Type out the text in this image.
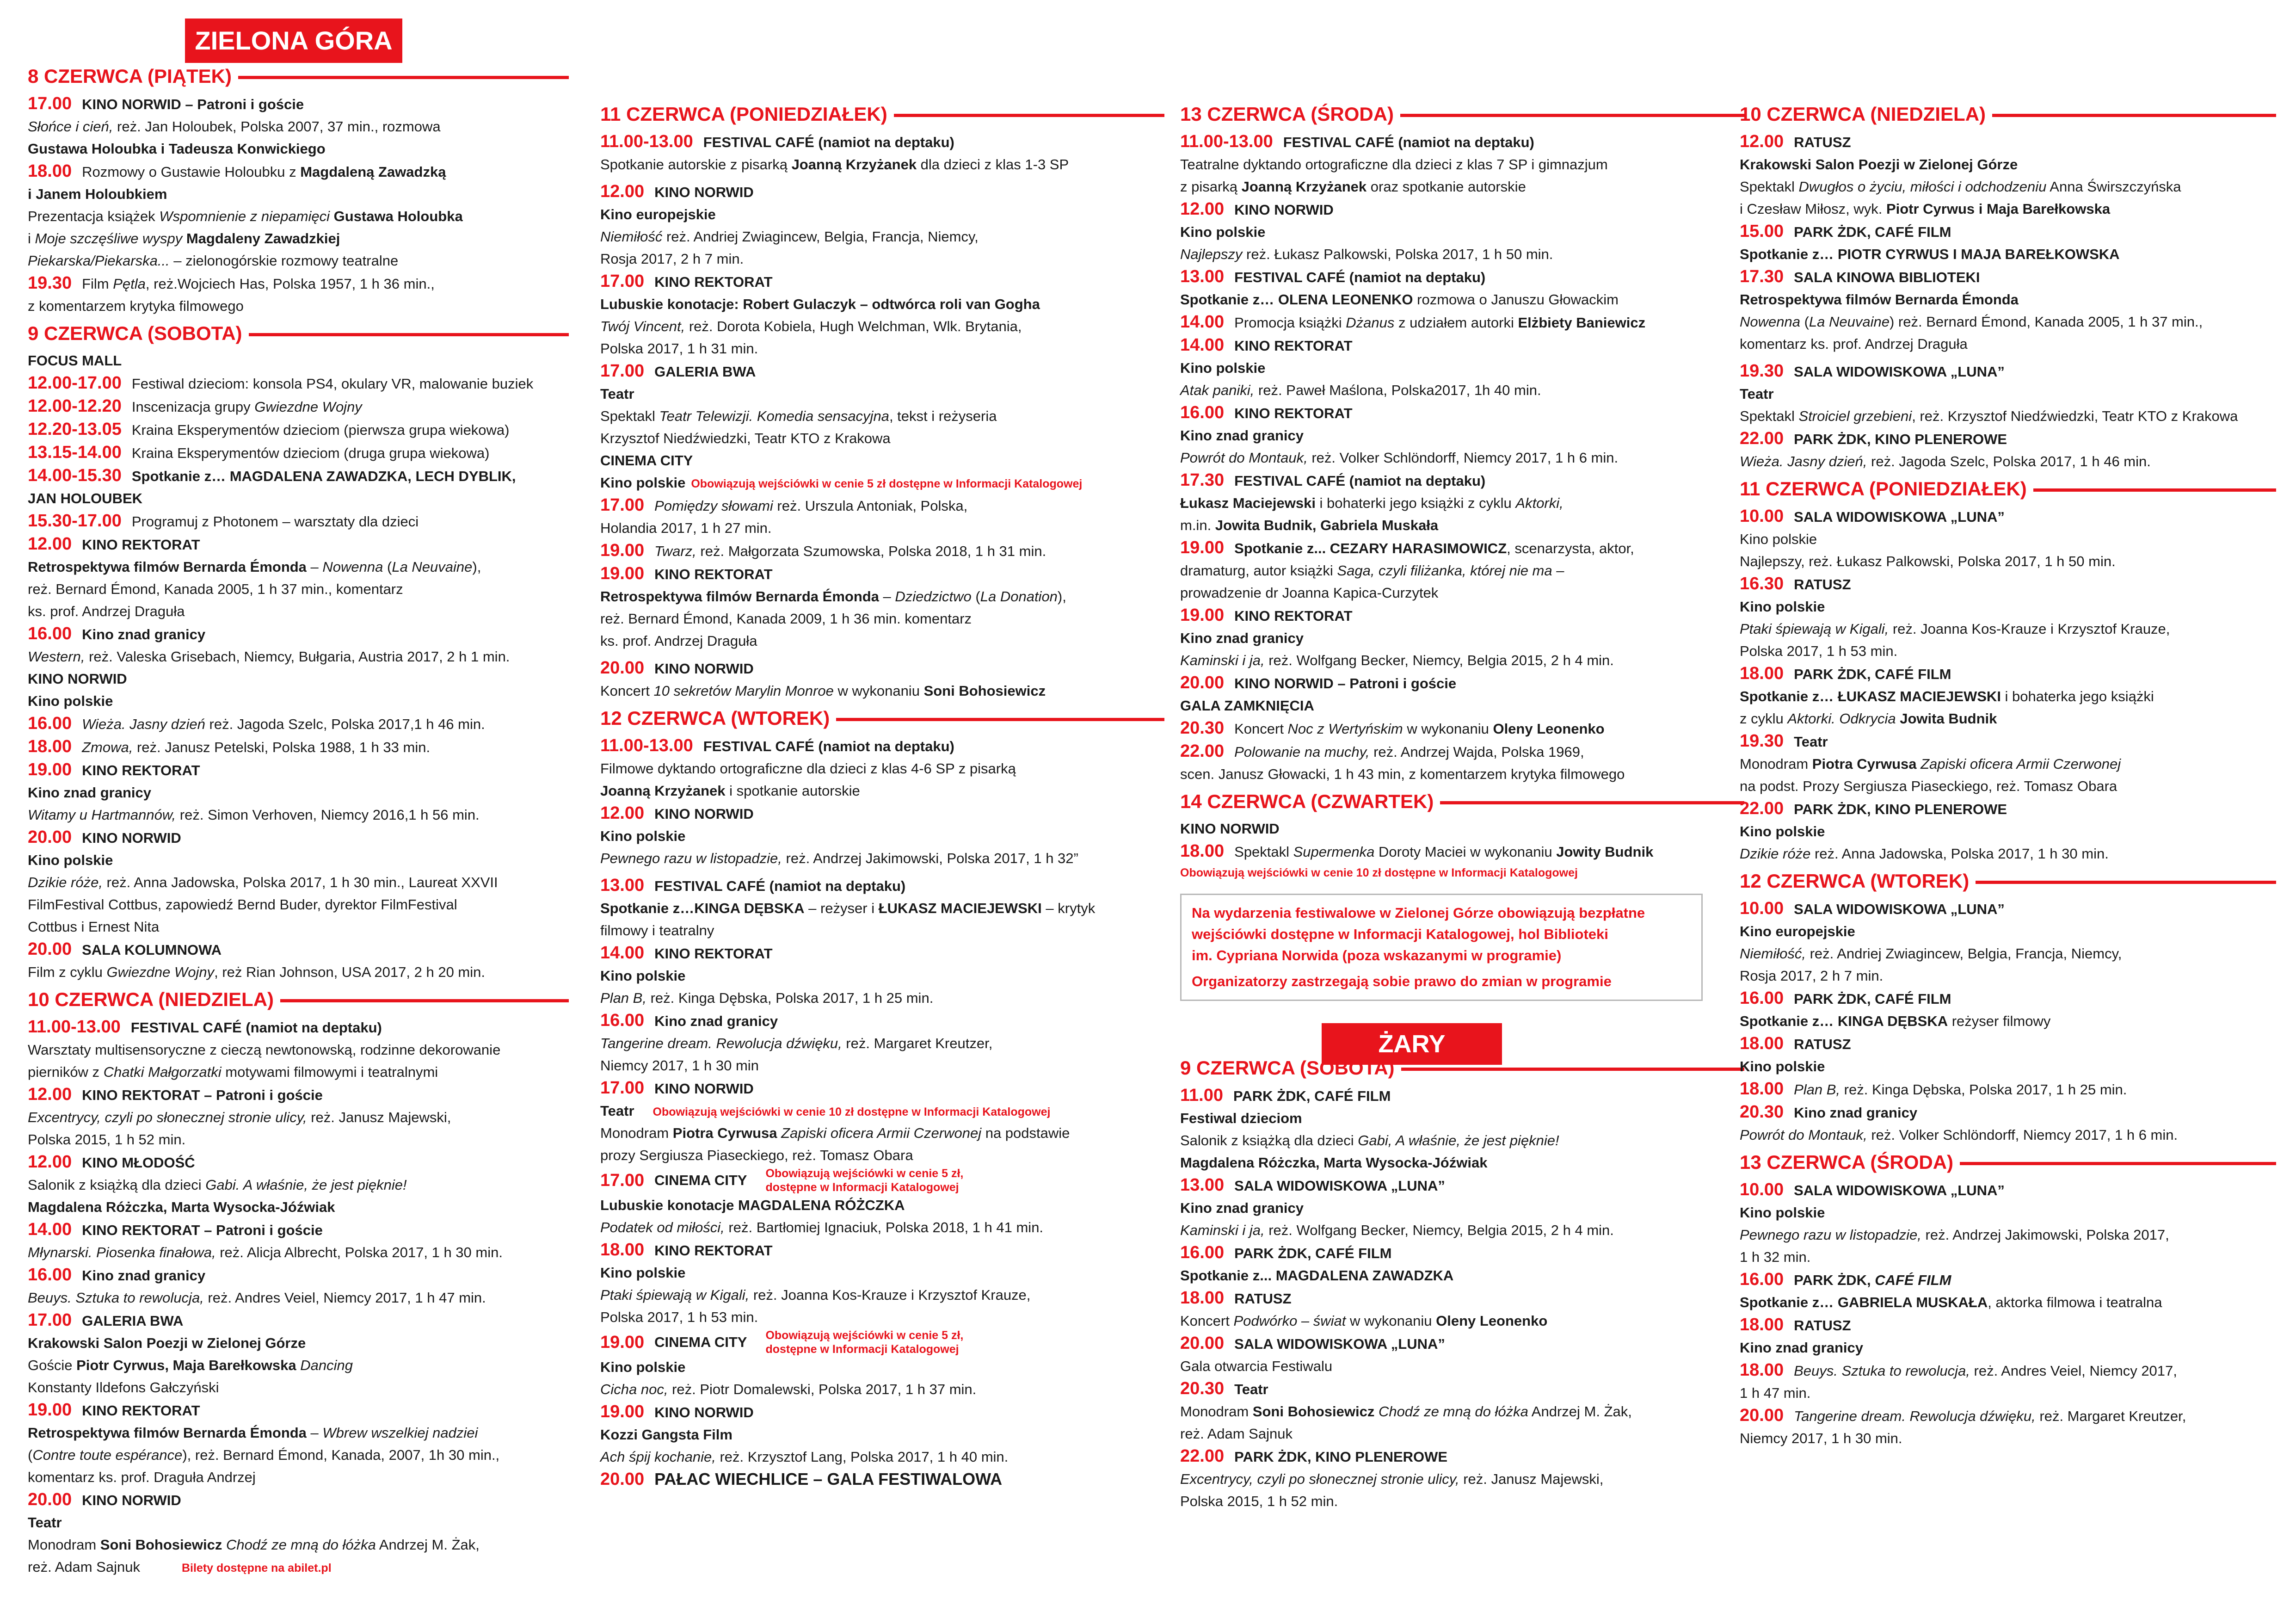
ZIELONA GÓRA
ŻARY
8 CZERWCA (PIĄTEK)
17.00 KINO NORWID – Patroni i goście
Słońce i cień, reż. Jan Holoubek, Polska 2007, 37 min., rozmowa
Gustawa Holoubka i Tadeusza Konwickiego
18.00 Rozmowy o Gustawie Holoubku z Magdaleną Zawadzką
i Janem Holoubkiem
Prezentacja książek Wspomnienie z niepamięci Gustawa Holoubka
i Moje szczęśliwe wyspy Magdaleny Zawadzkiej
Piekarska/Piekarska... – zielonogórskie rozmowy teatralne
19.30 Film Pętla, reż.Wojciech Has, Polska 1957, 1 h 36 min.,
z komentarzem krytyka filmowego
9 CZERWCA (SOBOTA)
FOCUS MALL
12.00-17.00 Festiwal dzieciom: konsola PS4, okulary VR, malowanie buziek
12.00-12.20 Inscenizacja grupy Gwiezdne Wojny
12.20-13.05 Kraina Eksperymentów dzieciom (pierwsza grupa wiekowa)
13.15-14.00 Kraina Eksperymentów dzieciom (druga grupa wiekowa)
14.00-15.30 Spotkanie z… MAGDALENA ZAWADZKA, LECH DYBLIK,
JAN HOLOUBEK
15.30-17.00 Programuj z Photonem – warsztaty dla dzieci
12.00 KINO REKTORAT
Retrospektywa filmów Bernarda Émonda – Nowenna (La Neuvaine),
reż. Bernard Émond, Kanada 2005, 1 h 37 min., komentarz
ks. prof. Andrzej Draguła
16.00 Kino znad granicy
Western, reż. Valeska Grisebach, Niemcy, Bułgaria, Austria 2017, 2 h 1 min.
KINO NORWID
Kino polskie
16.00 Wieża. Jasny dzień reż. Jagoda Szelc, Polska 2017,1 h 46 min.
18.00 Zmowa, reż. Janusz Petelski, Polska 1988, 1 h 33 min.
19.00 KINO REKTORAT
Kino znad granicy
Witamy u Hartmannów, reż. Simon Verhoven, Niemcy 2016,1 h 56 min.
20.00 KINO NORWID
Kino polskie
Dzikie róże, reż. Anna Jadowska, Polska 2017, 1 h 30 min., Laureat XXVII
FilmFestival Cottbus, zapowiedź Bernd Buder, dyrektor FilmFestival
Cottbus i Ernest Nita
20.00 SALA KOLUMNOWA
Film z cyklu Gwiezdne Wojny, reż Rian Johnson, USA 2017, 2 h 20 min.
10 CZERWCA (NIEDZIELA)
11.00-13.00 FESTIVAL CAFÉ (namiot na deptaku)
Warsztaty multisensoryczne z cieczą newtonowską, rodzinne dekorowanie
pierników z Chatki Małgorzatki motywami filmowymi i teatralnymi
12.00 KINO REKTORAT – Patroni i goście
Excentrycy, czyli po słonecznej stronie ulicy, reż. Janusz Majewski,
Polska 2015, 1 h 52 min.
12.00 KINO MŁODOŚĆ
Salonik z książką dla dzieci Gabi. A właśnie, że jest pięknie!
Magdalena Różczka, Marta Wysocka-Jóźwiak
14.00 KINO REKTORAT – Patroni i goście
Młynarski. Piosenka finałowa, reż. Alicja Albrecht, Polska 2017, 1 h 30 min.
16.00 Kino znad granicy
Beuys. Sztuka to rewolucja, reż. Andres Veiel, Niemcy 2017, 1 h 47 min.
17.00 GALERIA BWA
Krakowski Salon Poezji w Zielonej Górze
Goście Piotr Cyrwus, Maja Barełkowska Dancing
Konstanty Ildefons Gałczyński
19.00 KINO REKTORAT
Retrospektywa filmów Bernarda Émonda – Wbrew wszelkiej nadziei
(Contre toute espérance), reż. Bernard Émond, Kanada, 2007, 1h 30 min.,
komentarz ks. prof. Draguła Andrzej
20.00 KINO NORWID
Teatr
Monodram Soni Bohosiewicz Chodź ze mną do łóżka Andrzej M. Żak,
reż. Adam Sajnuk	Bilety dostępne na abilet.pl
11 CZERWCA (PONIEDZIAŁEK)
11.00-13.00 FESTIVAL CAFÉ (namiot na deptaku)
Spotkanie autorskie z pisarką Joanną Krzyżanek dla dzieci z klas 1-3 SP
12.00 KINO NORWID
Kino europejskie
Niemiłość reż. Andriej Zwiagincew, Belgia, Francja, Niemcy,
Rosja 2017, 2 h 7 min.
17.00 KINO REKTORAT
Lubuskie konotacje: Robert Gulaczyk – odtwórca roli van Gogha
Twój Vincent, reż. Dorota Kobiela, Hugh Welchman, Wlk. Brytania,
Polska 2017, 1 h 31 min.
17.00 GALERIA BWA
Teatr
Spektakl Teatr Telewizji. Komedia sensacyjna, tekst i reżyseria
Krzysztof Niedźwiedzki, Teatr KTO z Krakowa
CINEMA CITY
Kino polskie Obowiązują wejściówki w cenie 5 zł dostępne w Informacji Katalogowej
17.00 Pomiędzy słowami reż. Urszula Antoniak, Polska,
Holandia 2017, 1 h 27 min.
19.00 Twarz, reż. Małgorzata Szumowska, Polska 2018, 1 h 31 min.
19.00 KINO REKTORAT
Retrospektywa filmów Bernarda Émonda – Dziedzictwo (La Donation),
reż. Bernard Émond, Kanada 2009, 1 h 36 min. komentarz
ks. prof. Andrzej Draguła
20.00 KINO NORWID
Koncert 10 sekretów Marylin Monroe w wykonaniu Soni Bohosiewicz
12 CZERWCA (WTOREK)
11.00-13.00 FESTIVAL CAFÉ (namiot na deptaku)
Filmowe dyktando ortograficzne dla dzieci z klas 4-6 SP z pisarką
Joanną Krzyżanek i spotkanie autorskie
12.00 KINO NORWID
Kino polskie
Pewnego razu w listopadzie, reż. Andrzej Jakimowski, Polska 2017, 1 h 32”
13.00 FESTIVAL CAFÉ (namiot na deptaku)
Spotkanie z…KINGA DĘBSKA – reżyser i ŁUKASZ MACIEJEWSKI – krytyk
filmowy i teatralny
14.00 KINO REKTORAT
Kino polskie
Plan B, reż. Kinga Dębska, Polska 2017, 1 h 25 min.
16.00 Kino znad granicy
Tangerine dream. Rewolucja dźwięku, reż. Margaret Kreutzer,
Niemcy 2017, 1 h 30 min
17.00 KINO NORWID
Teatr Obowiązują wejściówki w cenie 10 zł dostępne w Informacji Katalogowej
Monodram Piotra Cyrwusa Zapiski oficera Armii Czerwonej na podstawie
prozy Sergiusza Piaseckiego, reż. Tomasz Obara
17.00 CINEMA CITY Obowiązują wejściówki w cenie 5 zł,
dostępne w Informacji Katalogowej
Lubuskie konotacje MAGDALENA RÓŻCZKA
Podatek od miłości, reż. Bartłomiej Ignaciuk, Polska 2018, 1 h 41 min.
18.00 KINO REKTORAT
Kino polskie
Ptaki śpiewają w Kigali, reż. Joanna Kos-Krauze i Krzysztof Krauze,
Polska 2017, 1 h 53 min.
19.00 CINEMA CITY Obowiązują wejściówki w cenie 5 zł,
dostępne w Informacji Katalogowej
Kino polskie
Cicha noc, reż. Piotr Domalewski, Polska 2017, 1 h 37 min.
19.00 KINO NORWID
Kozzi Gangsta Film
Ach śpij kochanie, reż. Krzysztof Lang, Polska 2017, 1 h 40 min.
20.00 PAŁAC WIECHLICE – GALA FESTIWALOWA
13 CZERWCA (ŚRODA)
11.00-13.00 FESTIVAL CAFÉ (namiot na deptaku)
Teatralne dyktando ortograficzne dla dzieci z klas 7 SP i gimnazjum
z pisarką Joanną Krzyżanek oraz spotkanie autorskie
12.00 KINO NORWID
Kino polskie
Najlepszy reż. Łukasz Palkowski, Polska 2017, 1 h 50 min.
13.00 FESTIVAL CAFÉ (namiot na deptaku)
Spotkanie z… OLENA LEONENKO rozmowa o Januszu Głowackim
14.00 Promocja książki Dżanus z udziałem autorki Elżbiety Baniewicz
14.00 KINO REKTORAT
Kino polskie
Atak paniki, reż. Paweł Maślona, Polska2017, 1h 40 min.
16.00 KINO REKTORAT
Kino znad granicy
Powrót do Montauk, reż. Volker Schlöndorff, Niemcy 2017, 1 h 6 min.
17.30 FESTIVAL CAFÉ (namiot na deptaku)
Łukasz Maciejewski i bohaterki jego książki z cyklu Aktorki,
m.in. Jowita Budnik, Gabriela Muskała
19.00 Spotkanie z... CEZARY HARASIMOWICZ, scenarzysta, aktor,
dramaturg, autor książki Saga, czyli filiżanka, której nie ma –
prowadzenie dr Joanna Kapica-Curzytek
19.00 KINO REKTORAT
Kino znad granicy
Kaminski i ja, reż. Wolfgang Becker, Niemcy, Belgia 2015, 2 h 4 min.
20.00 KINO NORWID – Patroni i goście
GALA ZAMKNIĘCIA
20.30 Koncert Noc z Wertyńskim w wykonaniu Oleny Leonenko
22.00 Polowanie na muchy, reż. Andrzej Wajda, Polska 1969,
scen. Janusz Głowacki, 1 h 43 min, z komentarzem krytyka filmowego
14 CZERWCA (CZWARTEK)
KINO NORWID
18.00 Spektakl Supermenka Doroty Maciei w wykonaniu Jowity Budnik
Obowiązują wejściówki w cenie 10 zł dostępne w Informacji Katalogowej
Na wydarzenia festiwalowe w Zielonej Górze obowiązują bezpłatne
wejściówki dostępne w Informacji Katalogowej, hol Biblioteki
im. Cypriana Norwida (poza wskazanymi w programie)
Organizatorzy zastrzegają sobie prawo do zmian w programie
9 CZERWCA (SOBOTA)
11.00 PARK ŻDK, CAFÉ FILM
Festiwal dzieciom
Salonik z książką dla dzieci Gabi, A właśnie, że jest pięknie!
Magdalena Różczka, Marta Wysocka-Jóźwiak
13.00 SALA WIDOWISKOWA „LUNA”
Kino znad granicy
Kaminski i ja, reż. Wolfgang Becker, Niemcy, Belgia 2015, 2 h 4 min.
16.00 PARK ŻDK, CAFÉ FILM
Spotkanie z... MAGDALENA ZAWADZKA
18.00 RATUSZ
Koncert Podwórko – świat w wykonaniu Oleny Leonenko
20.00 SALA WIDOWISKOWA „LUNA”
Gala otwarcia Festiwalu
20.30 Teatr
Monodram Soni Bohosiewicz Chodź ze mną do łóżka Andrzej M. Żak,
reż. Adam Sajnuk
22.00 PARK ŻDK, KINO PLENEROWE
Excentrycy, czyli po słonecznej stronie ulicy, reż. Janusz Majewski,
Polska 2015, 1 h 52 min.
10 CZERWCA (NIEDZIELA)
12.00 RATUSZ
Krakowski Salon Poezji w Zielonej Górze
Spektakl Dwugłos o życiu, miłości i odchodzeniu Anna Świrszczyńska
i Czesław Miłosz, wyk. Piotr Cyrwus i Maja Barełkowska
15.00 PARK ŻDK, CAFÉ FILM
Spotkanie z… PIOTR CYRWUS I MAJA BAREŁKOWSKA
17.30 SALA KINOWA BIBLIOTEKI
Retrospektywa filmów Bernarda Émonda
Nowenna (La Neuvaine) reż. Bernard Émond, Kanada 2005, 1 h 37 min.,
komentarz ks. prof. Andrzej Draguła
19.30 SALA WIDOWISKOWA „LUNA”
Teatr
Spektakl Stroiciel grzebieni, reż. Krzysztof Niedźwiedzki, Teatr KTO z Krakowa
22.00 PARK ŻDK, KINO PLENEROWE
Wieża. Jasny dzień, reż. Jagoda Szelc, Polska 2017, 1 h 46 min.
11 CZERWCA (PONIEDZIAŁEK)
10.00 SALA WIDOWISKOWA „LUNA”
Kino polskie
Najlepszy, reż. Łukasz Palkowski, Polska 2017, 1 h 50 min.
16.30 RATUSZ
Kino polskie
Ptaki śpiewają w Kigali, reż. Joanna Kos-Krauze i Krzysztof Krauze,
Polska 2017, 1 h 53 min.
18.00 PARK ŻDK, CAFÉ FILM
Spotkanie z… ŁUKASZ MACIEJEWSKI i bohaterka jego książki
z cyklu Aktorki. Odkrycia Jowita Budnik
19.30 Teatr
Monodram Piotra Cyrwusa Zapiski oficera Armii Czerwonej
na podst. Prozy Sergiusza Piaseckiego, reż. Tomasz Obara
22.00 PARK ŻDK, KINO PLENEROWE
Kino polskie
Dzikie róże reż. Anna Jadowska, Polska 2017, 1 h 30 min.
12 CZERWCA (WTOREK)
10.00 SALA WIDOWISKOWA „LUNA”
Kino europejskie
Niemiłość, reż. Andriej Zwiagincew, Belgia, Francja, Niemcy,
Rosja 2017, 2 h 7 min.
16.00 PARK ŻDK, CAFÉ FILM
Spotkanie z… KINGA DĘBSKA reżyser filmowy
18.00 RATUSZ
Kino polskie
18.00 Plan B, reż. Kinga Dębska, Polska 2017, 1 h 25 min.
20.30 Kino znad granicy
Powrót do Montauk, reż. Volker Schlöndorff, Niemcy 2017, 1 h 6 min.
13 CZERWCA (ŚRODA)
10.00 SALA WIDOWISKOWA „LUNA”
Kino polskie
Pewnego razu w listopadzie, reż. Andrzej Jakimowski, Polska 2017,
1 h 32 min.
16.00 PARK ŻDK, CAFÉ FILM
Spotkanie z… GABRIELA MUSKAŁA, aktorka filmowa i teatralna
18.00 RATUSZ
Kino znad granicy
18.00 Beuys. Sztuka to rewolucja, reż. Andres Veiel, Niemcy 2017,
1 h 47 min.
20.00 Tangerine dream. Rewolucja dźwięku, reż. Margaret Kreutzer,
Niemcy 2017, 1 h 30 min.
